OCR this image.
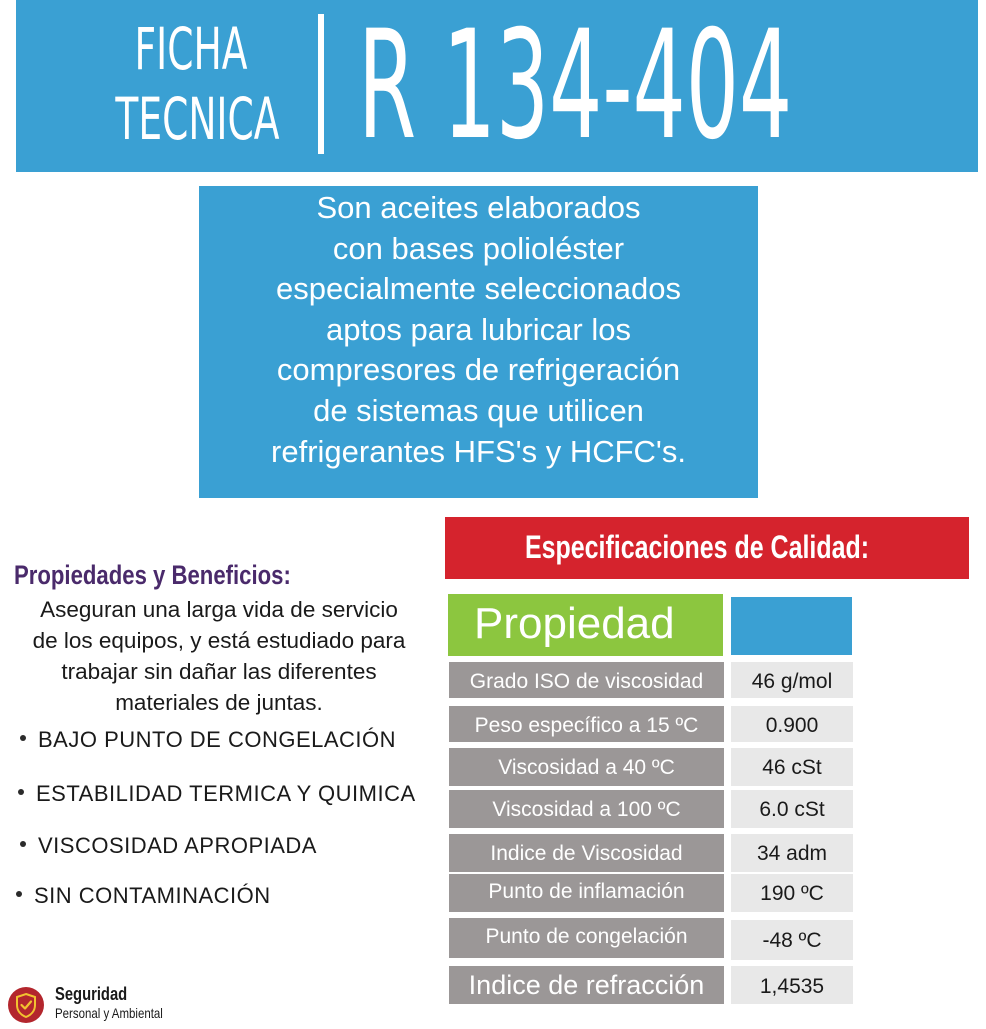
FICHA
TECNICA R 134-404
Son aceites elaborados
con bases polioléster
especialmente seleccionados
aptos para lubricar los
compresores de refrigeración
de sistemas que utilicen
refrigerantes HFS's y HCFC's.
Especificaciones de Calidad:
Propiedad
Grado ISO de viscosidad	46 g/mol
Peso específico a 15 ºC	0.900
Viscosidad a 40 ºC	46 cSt
Viscosidad a 100 ºC	6.0 cSt
Indice de Viscosidad	34 adm
Punto de inflamación	190 ºC
Punto de congelación	-48 ºC
Indice de refracción	1,4535
Propiedades y Beneficios:
Aseguran una larga vida de servicio
de los equipos, y está estudiado para
trabajar sin dañar las diferentes
materiales de juntas.
BAJO PUNTO DE CONGELACIÓN
ESTABILIDAD TERMICA Y QUIMICA
VISCOSIDAD APROPIADA
SIN CONTAMINACIÓN
Seguridad
Personal y Ambiental
